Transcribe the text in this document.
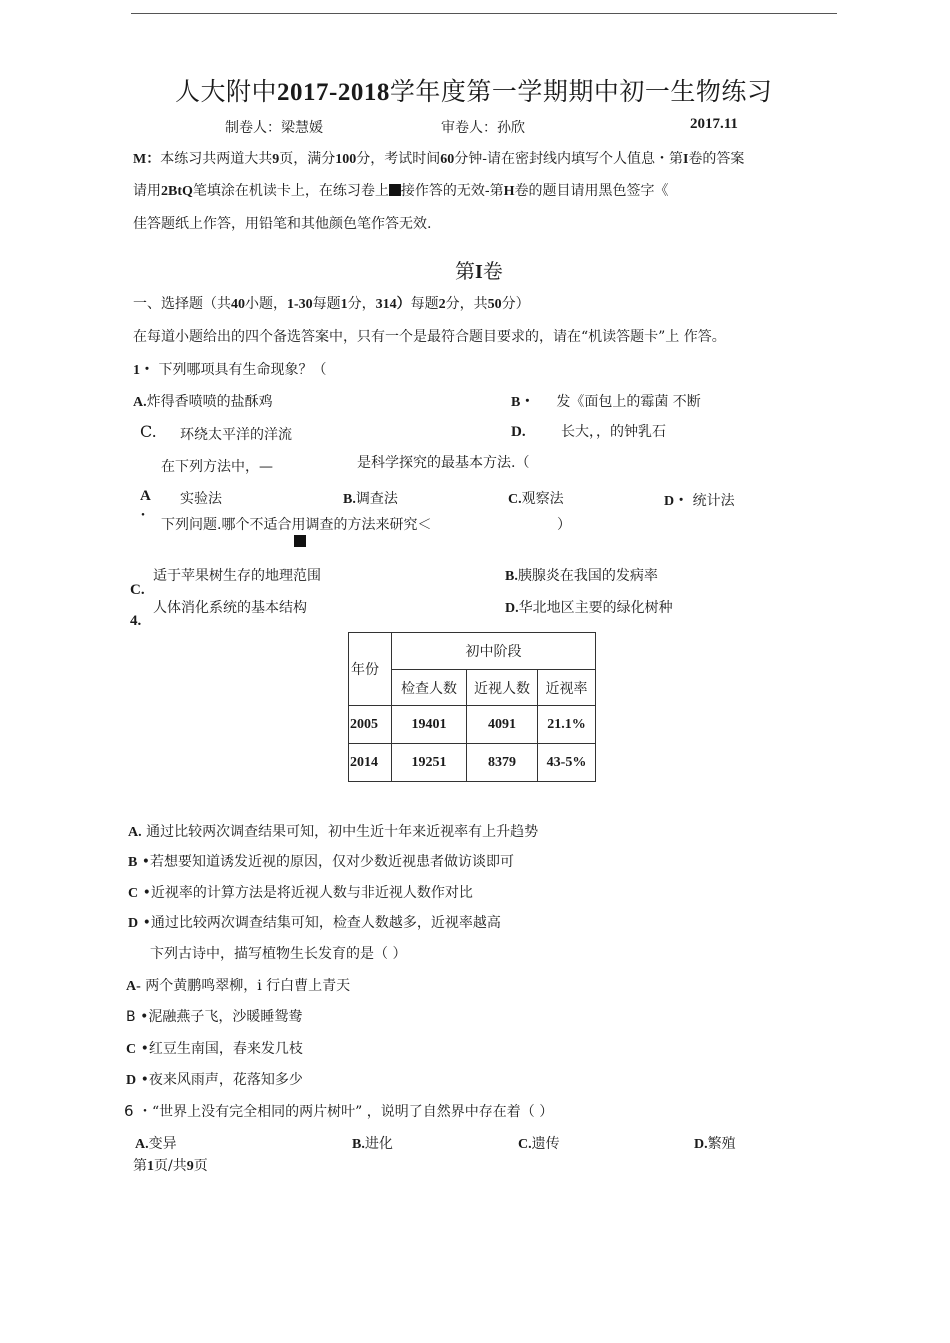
人大附中2017-2018学年度第一学期期中初一生物练习
制卷人：梁慧媛	审卷人：孙欣	2017.11
M：本练习共两道大共9页，满分100分，考试时间60分钟-请在密封线内填写个人值息・第I卷的答案
请用2BtQ笔填涂在机读卡上，在练习卷上 接作答的无效-第H卷的题目请用黑色签字《
佳答题纸上作答，用铅笔和其他颜色笔作答无效.
第I卷
一、选择题（共40小题，1-30每题1分，314）每题2分，共50分）
在每道小题给出的四个备选答案中，只有一个是最符合题目要求的，请在“机读答题卡”上 作答。
1・ 下列哪项具有生命现象？（
A.炸得香喷喷的盐酥鸡	B・ 发《面包上的霉菌 不断
C. 环绕太平洋的洋流	D.	长大，，的钟乳石
在下列方法中，—	是科学探究的最基本方法.（
A
・
实验法	B.调查法	C.观察法	D・ 统计法
下列问题.哪个不适合用调查的方法来研究＜	）
适于苹果树生存的地理范围	B.胰腺炎在我国的发病率
C.
人体消化系统的基本结构	D.华北地区主要的绿化树种
4.
年份	初中阶段		
	检查人数	近视人数	近视率
2005	19401	4091	21.1%
2014	19251	8379	43-5%
A. 通过比较两次调查结果可知，初中生近十年来近视率有上升趋势
B •若想要知道诱发近视的原因，仅对少数近视患者做访谈即可
C •近视率的计算方法是将近视人数与非近视人数作对比
D •通过比较两次调查结集可知，检查人数越多，近视率越高
卞列古诗中，描写植物生长发育的是（ ）
A- 两个黄鹏鸣翠柳，i 行白曹上青天
B •泥融燕子飞，沙暖睡鸳鸯
C •红豆生南国，春来发几枝
D •夜来风雨声，花落知多少
6 ・“世界上没有完全相同的两片树叶” ，说明了自然界中存在着（ ）
A.变异	B.进化	C.遗传	D.繁殖
第1页/共9页
